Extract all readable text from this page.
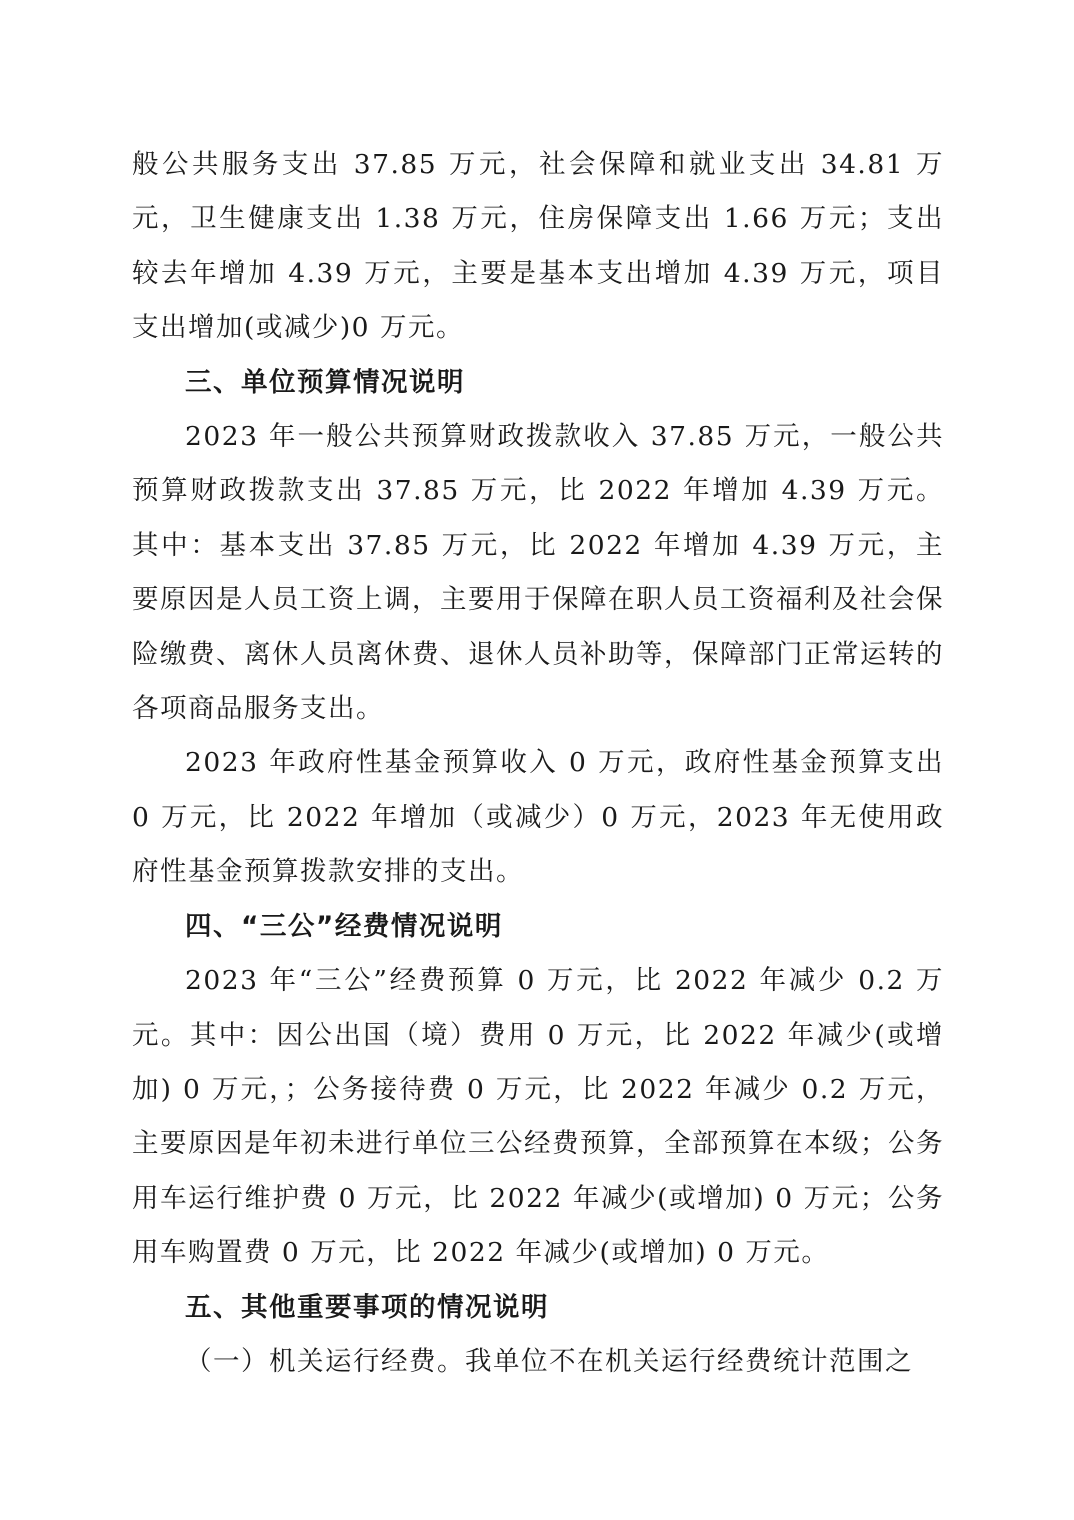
般公共服务支出 37.85 万元，社会保障和就业支出 34.81 万元，卫生健康支出 1.38 万元，住房保障支出 1.66 万元；支出较去年增加 4.39 万元，主要是基本支出增加 4.39 万元，项目支出增加(或减少)0 万元。

三、单位预算情况说明

2023 年一般公共预算财政拨款收入 37.85 万元，一般公共预算财政拨款支出 37.85 万元，比 2022 年增加 4.39 万元。其中：基本支出 37.85 万元，比 2022 年增加 4.39 万元，主要原因是人员工资上调，主要用于保障在职人员工资福利及社会保险缴费、离休人员离休费、退休人员补助等，保障部门正常运转的各项商品服务支出。

2023 年政府性基金预算收入 0 万元，政府性基金预算支出 0 万元，比 2022 年增加（或减少）0 万元，2023 年无使用政府性基金预算拨款安排的支出。

四、“三公”经费情况说明

2023 年“三公”经费预算 0 万元，比 2022 年减少 0.2 万元。其中：因公出国（境）费用 0 万元，比 2022 年减少(或增加) 0 万元，；公务接待费 0 万元，比 2022 年减少 0.2 万元，主要原因是年初未进行单位三公经费预算，全部预算在本级；公务用车运行维护费 0 万元，比 2022 年减少(或增加) 0 万元；公务用车购置费 0 万元，比 2022 年减少(或增加) 0 万元。

五、其他重要事项的情况说明

（一）机关运行经费。我单位不在机关运行经费统计范围之
